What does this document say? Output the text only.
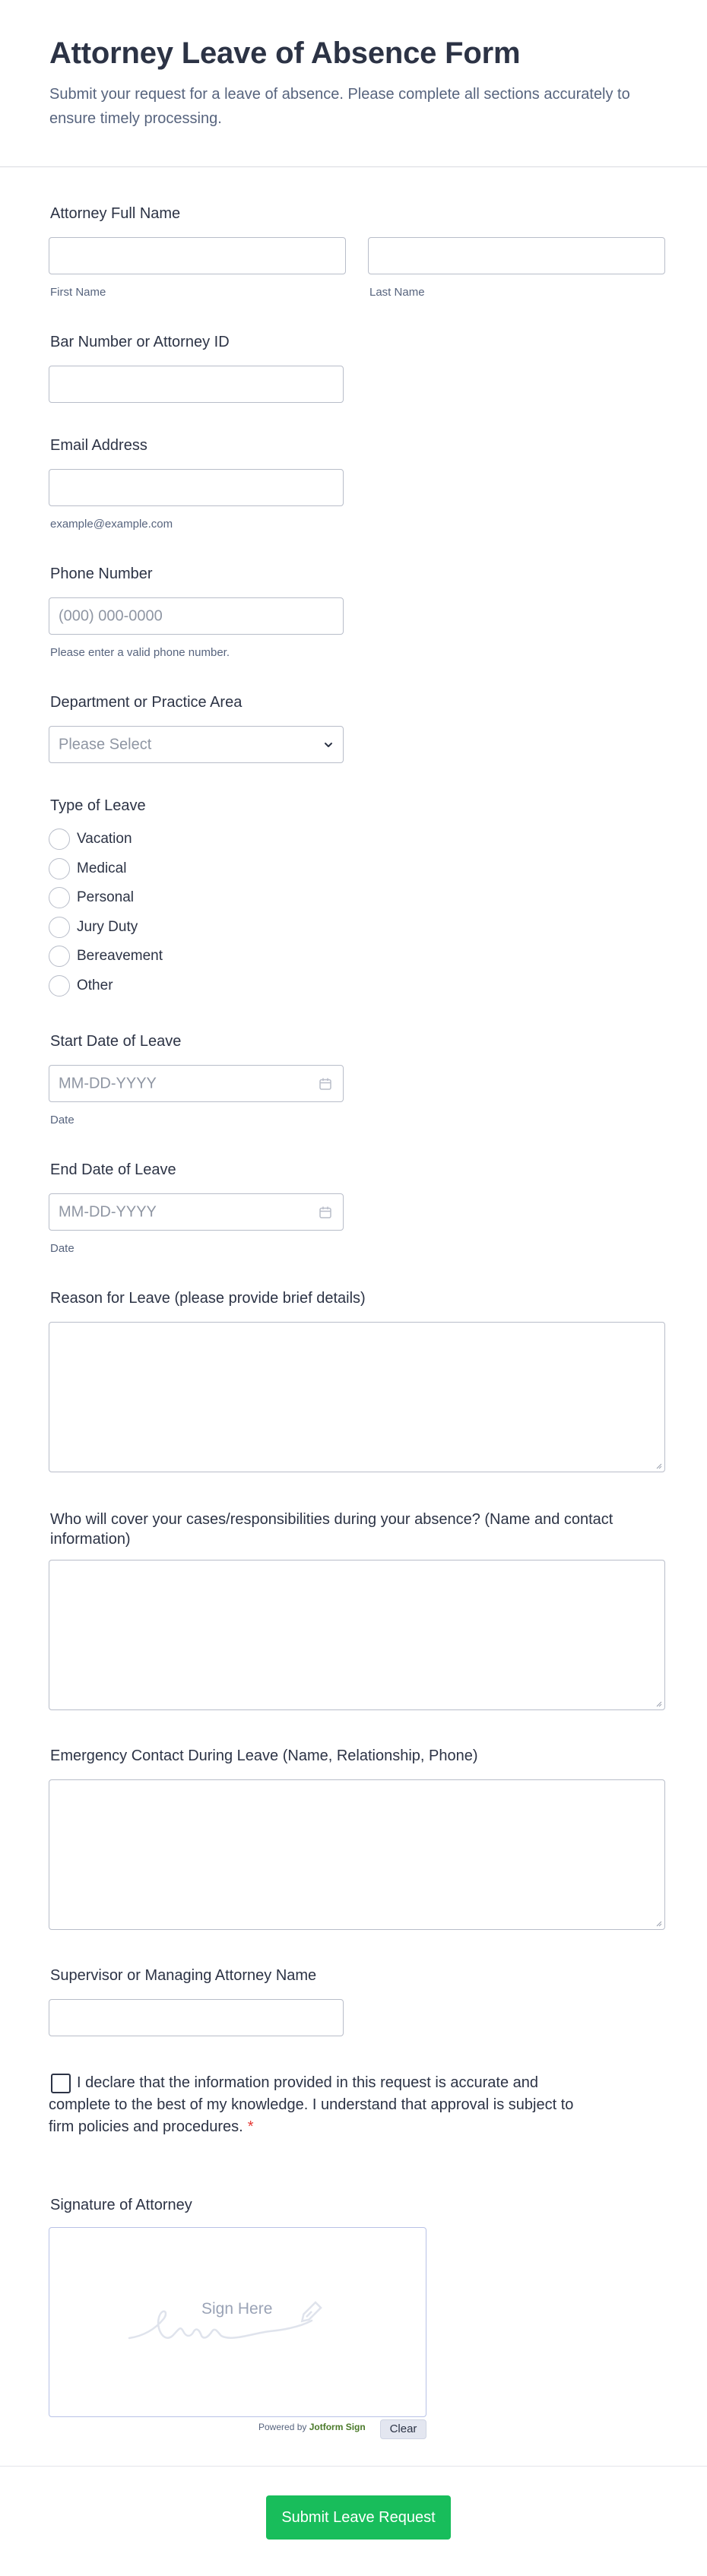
Attorney Leave of Absence Form

Submit your request for a leave of absence. Please complete all sections accurately to ensure timely processing.

Attorney Full Name
First Name	Last Name
Bar Number or Attorney ID
Email Address
example@example.com
Phone Number
(000) 000-0000
Please enter a valid phone number.
Department or Practice Area
Please Select
Type of Leave
Vacation
Medical
Personal
Jury Duty
Bereavement
Other
Start Date of Leave
MM-DD-YYYY
Date
End Date of Leave
MM-DD-YYYY
Date
Reason for Leave (please provide brief details)
Who will cover your cases/responsibilities during your absence? (Name and contact information)
Emergency Contact During Leave (Name, Relationship, Phone)
Supervisor or Managing Attorney Name
I declare that the information provided in this request is accurate and complete to the best of my knowledge. I understand that approval is subject to firm policies and procedures. *
Signature of Attorney
Sign Here
Powered by Jotform Sign	Clear
Submit Leave Request
